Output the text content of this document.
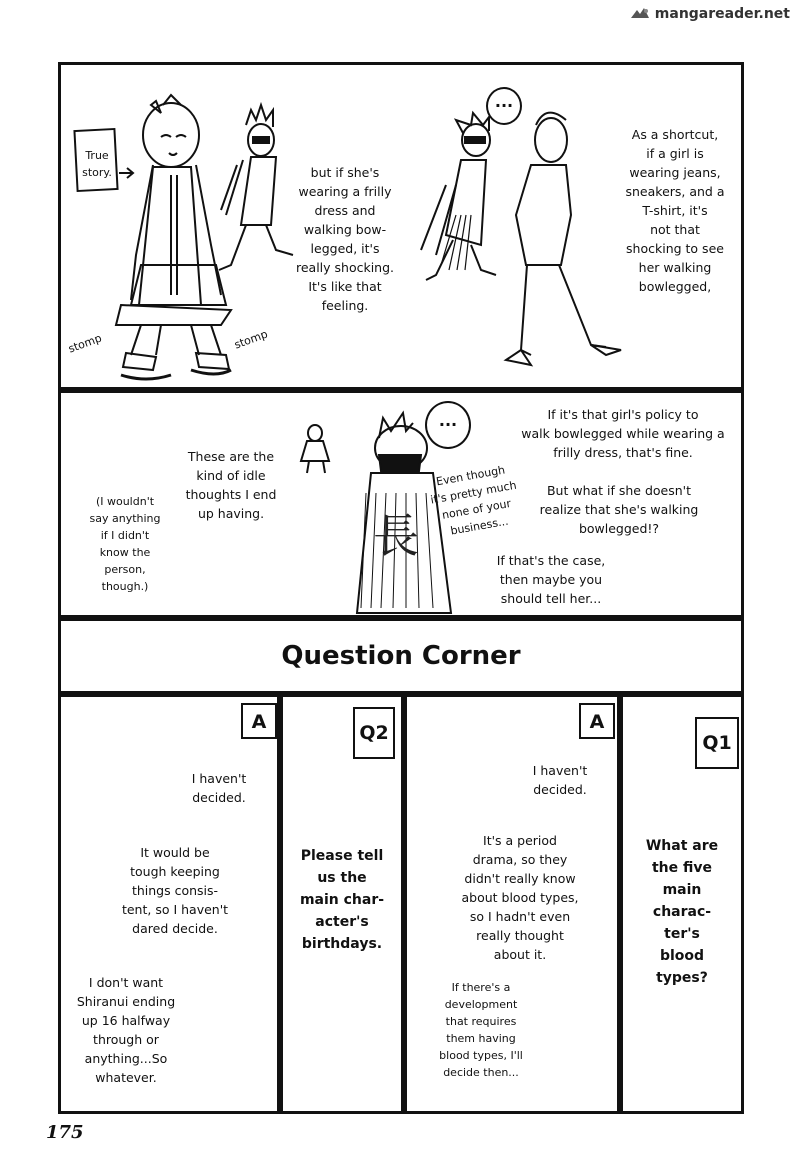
mangareader.net
True
story.
stomp	stomp
but if she's
wearing a frilly
dress and
walking bow-
legged, it's
really shocking.
It's like that
feeling.
...
As a shortcut,
if a girl is
wearing jeans,
sneakers, and a
T-shirt, it's
not that
shocking to see
her walking
bowlegged,
(I wouldn't
say anything
if I didn't
know the
person,
though.)
These are the
kind of idle
thoughts I end
up having.
...
Even though
it's pretty much
none of your
business...
If it's that girl's policy to
walk bowlegged while wearing a
frilly dress, that's fine.
But what if she doesn't
realize that she's walking
bowlegged!?
If that's the case,
then maybe you
should tell her...
長
Question Corner
A
I haven't
decided.
It would be
tough keeping
things consis-
tent, so I haven't
dared decide.
I don't want
Shiranui ending
up 16 halfway
through or
anything...So
whatever.
Q2
Please tell
us the
main char-
acter's
birthdays.
A
I haven't
decided.
It's a period
drama, so they
didn't really know
about blood types,
so I hadn't even
really thought
about it.
If there's a
development
that requires
them having
blood types, I'll
decide then...
Q1
What are
the five
main
charac-
ter's
blood
types?
175
